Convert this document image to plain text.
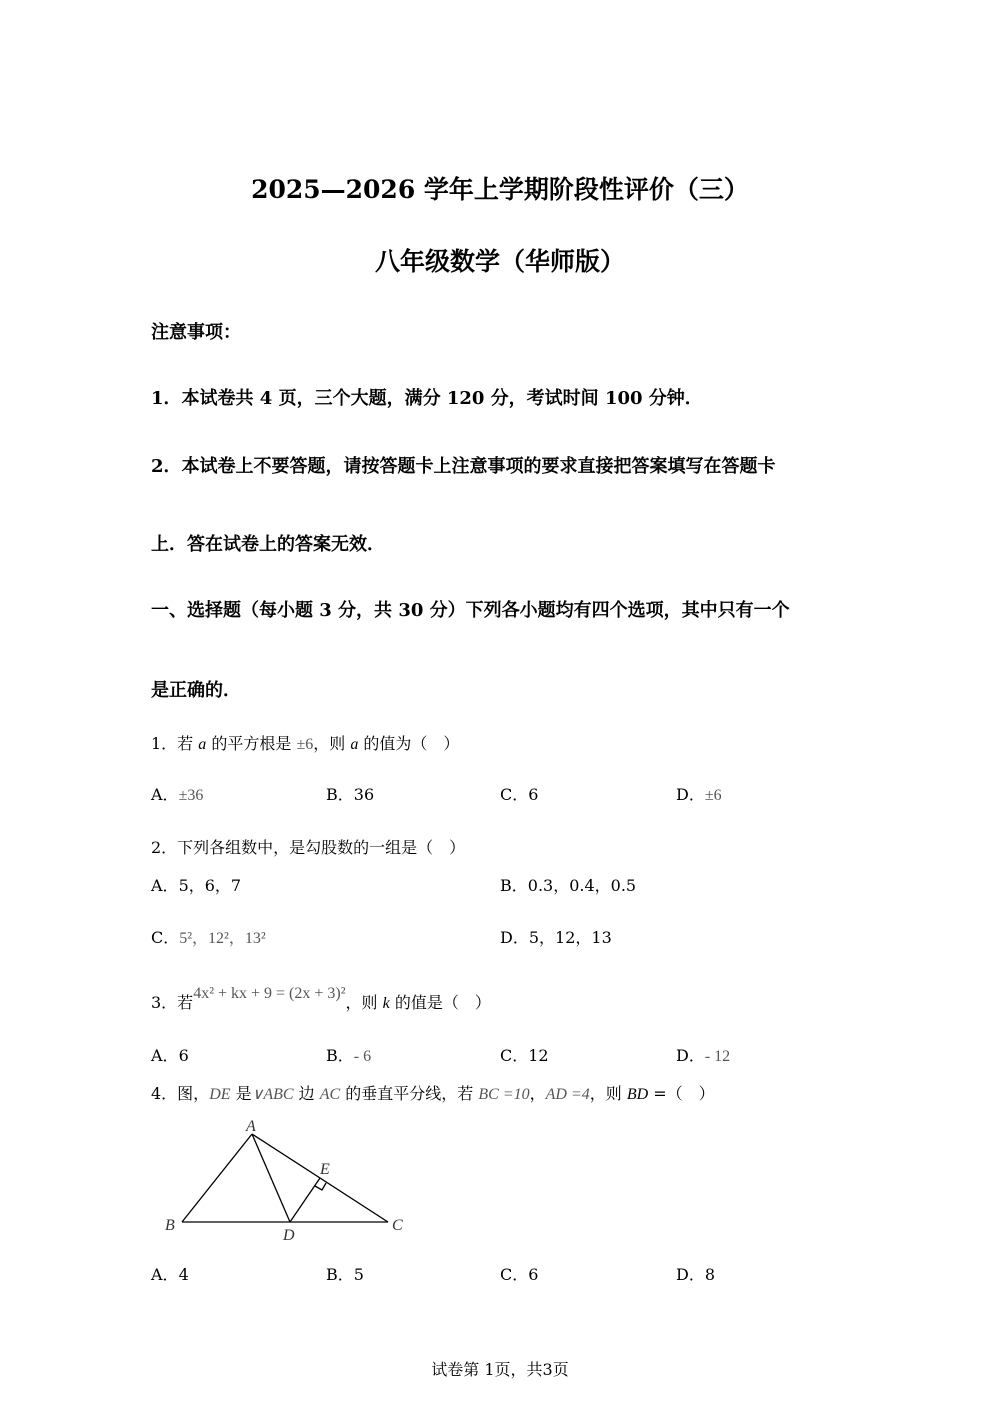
2025—2026 学年上学期阶段性评价（三）
八年级数学（华师版）
注意事项：
1．本试卷共 4 页，三个大题，满分 120 分，考试时间 100 分钟．
2．本试卷上不要答题，请按答题卡上注意事项的要求直接把答案填写在答题卡
上．答在试卷上的答案无效．
一、选择题（每小题 3 分，共 30 分）下列各小题均有四个选项，其中只有一个
是正确的．
1．若 a 的平方根是 ±6，则 a 的值为（　）
A．±36	B．36	C．6	D．±6
2．下列各组数中，是勾股数的一组是（　）
A．5，6，7	B．0.3，0.4，0.5
C．5²，12²，13²	D．5，12，13
3．若4x² + kx + 9 = (2x + 3)²，则 k 的值是（　）
A．6	B．- 6	C．12	D．- 12
4．图，DE 是∨ABC 边 AC 的垂直平分线，若 BC =10，AD =4，则 BD =（　）
A
B	C
D
E
A．4	B．5	C．6	D．8
试卷第 1页，共3页
